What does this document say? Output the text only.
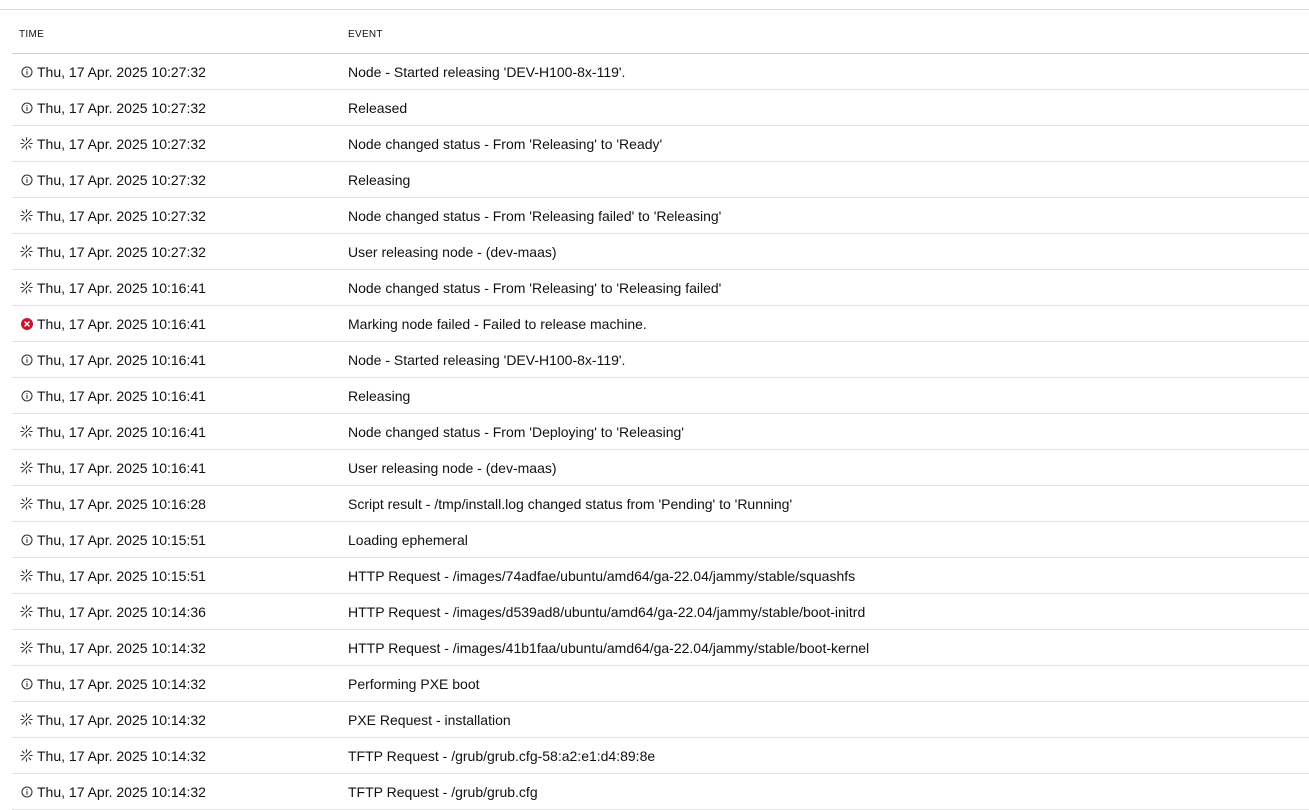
TIME	EVENT
Thu, 17 Apr. 2025 10:27:32	Node - Started releasing 'DEV-H100-8x-119'.
Thu, 17 Apr. 2025 10:27:32	Released
Thu, 17 Apr. 2025 10:27:32	Node changed status - From 'Releasing' to 'Ready'
Thu, 17 Apr. 2025 10:27:32	Releasing
Thu, 17 Apr. 2025 10:27:32	Node changed status - From 'Releasing failed' to 'Releasing'
Thu, 17 Apr. 2025 10:27:32	User releasing node - (dev-maas)
Thu, 17 Apr. 2025 10:16:41	Node changed status - From 'Releasing' to 'Releasing failed'
Thu, 17 Apr. 2025 10:16:41	Marking node failed - Failed to release machine.
Thu, 17 Apr. 2025 10:16:41	Node - Started releasing 'DEV-H100-8x-119'.
Thu, 17 Apr. 2025 10:16:41	Releasing
Thu, 17 Apr. 2025 10:16:41	Node changed status - From 'Deploying' to 'Releasing'
Thu, 17 Apr. 2025 10:16:41	User releasing node - (dev-maas)
Thu, 17 Apr. 2025 10:16:28	Script result - /tmp/install.log changed status from 'Pending' to 'Running'
Thu, 17 Apr. 2025 10:15:51	Loading ephemeral
Thu, 17 Apr. 2025 10:15:51	HTTP Request - /images/74adfae/ubuntu/amd64/ga-22.04/jammy/stable/squashfs
Thu, 17 Apr. 2025 10:14:36	HTTP Request - /images/d539ad8/ubuntu/amd64/ga-22.04/jammy/stable/boot-initrd
Thu, 17 Apr. 2025 10:14:32	HTTP Request - /images/41b1faa/ubuntu/amd64/ga-22.04/jammy/stable/boot-kernel
Thu, 17 Apr. 2025 10:14:32	Performing PXE boot
Thu, 17 Apr. 2025 10:14:32	PXE Request - installation
Thu, 17 Apr. 2025 10:14:32	TFTP Request - /grub/grub.cfg-58:a2:e1:d4:89:8e
Thu, 17 Apr. 2025 10:14:32	TFTP Request - /grub/grub.cfg
